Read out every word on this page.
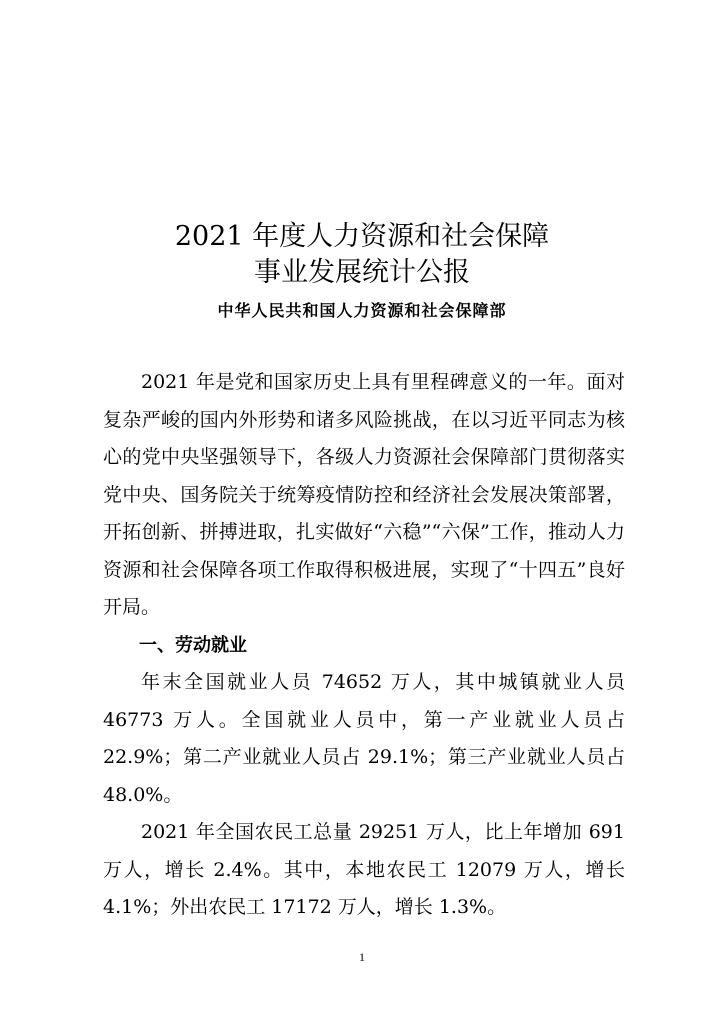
2021 年度人力资源和社会保障
事业发展统计公报
中华人民共和国人力资源和社会保障部

2021 年是党和国家历史上具有里程碑意义的一年。面对复杂严峻的国内外形势和诸多风险挑战，在以习近平同志为核心的党中央坚强领导下，各级人力资源社会保障部门贯彻落实党中央、国务院关于统筹疫情防控和经济社会发展决策部署，开拓创新、拼搏进取，扎实做好“六稳”“六保”工作，推动人力资源和社会保障各项工作取得积极进展，实现了“十四五”良好开局。

一、劳动就业

年末全国就业人员 74652 万人，其中城镇就业人员 46773 万人。全国就业人员中，第一产业就业人员占 22.9%；第二产业就业人员占 29.1%；第三产业就业人员占 48.0%。

2021 年全国农民工总量 29251 万人，比上年增加 691 万人，增长 2.4%。其中，本地农民工 12079 万人，增长 4.1%；外出农民工 17172 万人，增长 1.3%。

1
